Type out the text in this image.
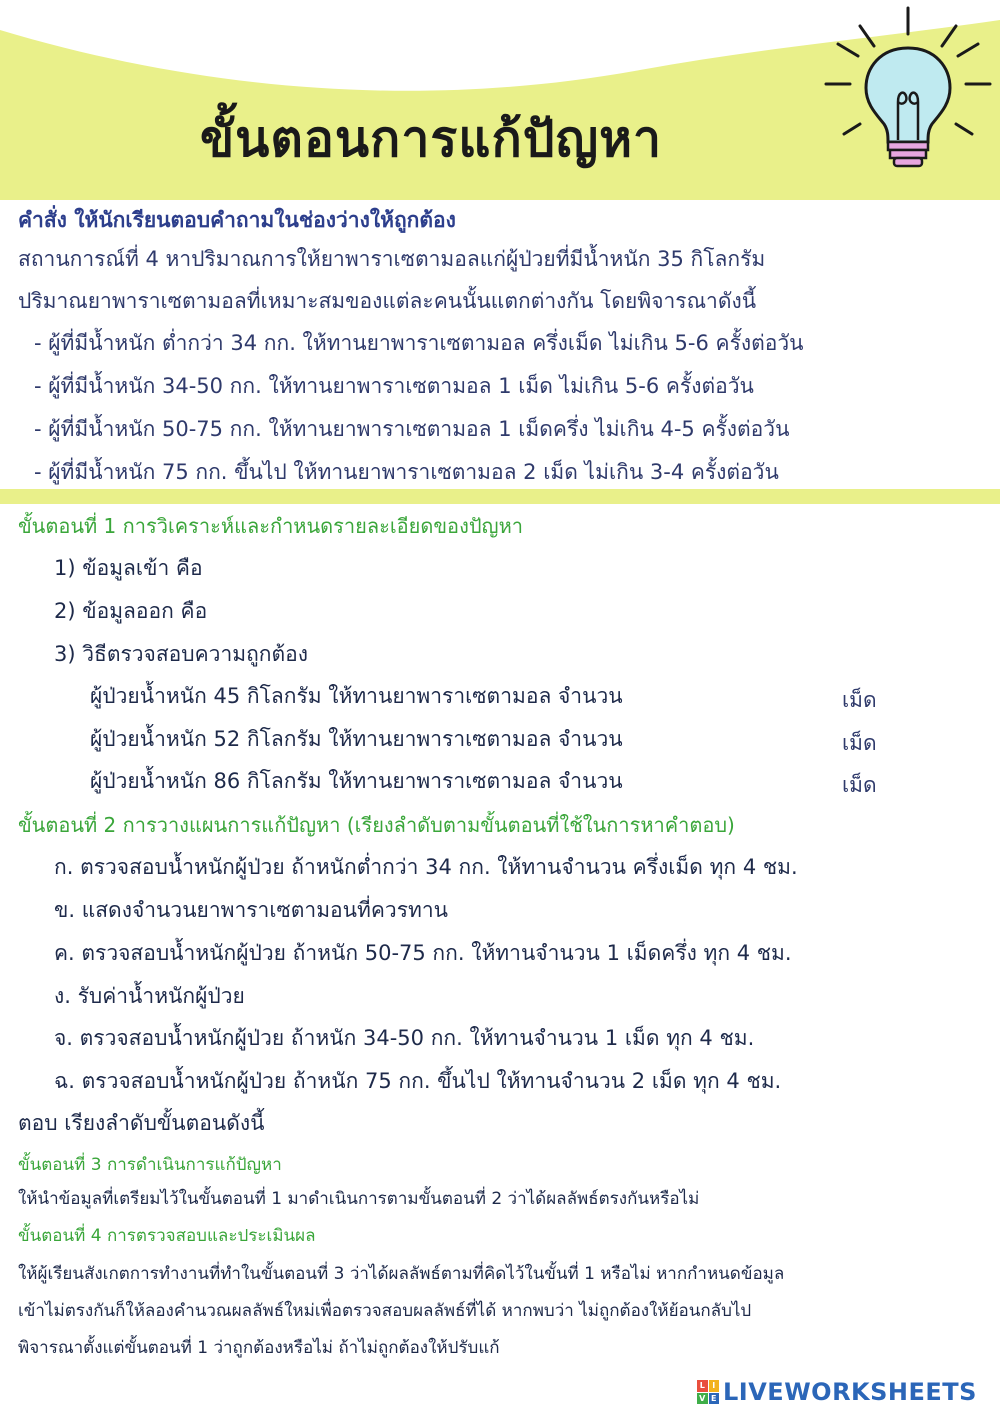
ขั้นตอนการแก้ปัญหา
คำสั่ง ให้นักเรียนตอบคำถามในช่องว่างให้ถูกต้อง
สถานการณ์ที่ 4 หาปริมาณการให้ยาพาราเซตามอลแก่ผู้ป่วยที่มีน้ำหนัก 35 กิโลกรัม
ปริมาณยาพาราเซตามอลที่เหมาะสมของแต่ละคนนั้นแตกต่างกัน โดยพิจารณาดังนี้
- ผู้ที่มีน้ำหนัก ต่ำกว่า 34 กก. ให้ทานยาพาราเซตามอล ครึ่งเม็ด ไม่เกิน 5-6 ครั้งต่อวัน
- ผู้ที่มีน้ำหนัก 34-50 กก. ให้ทานยาพาราเซตามอล 1 เม็ด ไม่เกิน 5-6 ครั้งต่อวัน
- ผู้ที่มีน้ำหนัก 50-75 กก. ให้ทานยาพาราเซตามอล 1 เม็ดครึ่ง ไม่เกิน 4-5 ครั้งต่อวัน
- ผู้ที่มีน้ำหนัก 75 กก. ขึ้นไป ให้ทานยาพาราเซตามอล 2 เม็ด ไม่เกิน 3-4 ครั้งต่อวัน
ขั้นตอนที่ 1 การวิเคราะห์และกำหนดรายละเอียดของปัญหา
1) ข้อมูลเข้า คือ
2) ข้อมูลออก คือ
3) วิธีตรวจสอบความถูกต้อง
ผู้ป่วยน้ำหนัก 45 กิโลกรัม ให้ทานยาพาราเซตามอล จำนวน	เม็ด
ผู้ป่วยน้ำหนัก 52 กิโลกรัม ให้ทานยาพาราเซตามอล จำนวน	เม็ด
ผู้ป่วยน้ำหนัก 86 กิโลกรัม ให้ทานยาพาราเซตามอล จำนวน	เม็ด
ขั้นตอนที่ 2 การวางแผนการแก้ปัญหา (เรียงลำดับตามขั้นตอนที่ใช้ในการหาคำตอบ)
ก. ตรวจสอบน้ำหนักผู้ป่วย ถ้าหนักต่ำกว่า 34 กก. ให้ทานจำนวน ครึ่งเม็ด ทุก 4 ชม.
ข. แสดงจำนวนยาพาราเซตามอนที่ควรทาน
ค. ตรวจสอบน้ำหนักผู้ป่วย ถ้าหนัก 50-75 กก. ให้ทานจำนวน 1 เม็ดครึ่ง ทุก 4 ชม.
ง. รับค่าน้ำหนักผู้ป่วย
จ. ตรวจสอบน้ำหนักผู้ป่วย ถ้าหนัก 34-50 กก. ให้ทานจำนวน 1 เม็ด ทุก 4 ชม.
ฉ. ตรวจสอบน้ำหนักผู้ป่วย ถ้าหนัก 75 กก. ขึ้นไป ให้ทานจำนวน 2 เม็ด ทุก 4 ชม.
ตอบ เรียงลำดับขั้นตอนดังนี้
ขั้นตอนที่ 3 การดำเนินการแก้ปัญหา
ให้นำข้อมูลที่เตรียมไว้ในขั้นตอนที่ 1 มาดำเนินการตามขั้นตอนที่ 2 ว่าได้ผลลัพธ์ตรงกันหรือไม่
ขั้นตอนที่ 4 การตรวจสอบและประเมินผล
ให้ผู้เรียนสังเกตการทำงานที่ทำในขั้นตอนที่ 3 ว่าได้ผลลัพธ์ตามที่คิดไว้ในขั้นที่ 1 หรือไม่ หากกำหนดข้อมูล
เข้าไม่ตรงกันก็ให้ลองคำนวณผลลัพธ์ใหม่เพื่อตรวจสอบผลลัพธ์ที่ได้ หากพบว่า ไม่ถูกต้องให้ย้อนกลับไป
พิจารณาตั้งแต่ขั้นตอนที่ 1 ว่าถูกต้องหรือไม่ ถ้าไม่ถูกต้องให้ปรับแก้
L I
V E LIVEWORKSHEETS
